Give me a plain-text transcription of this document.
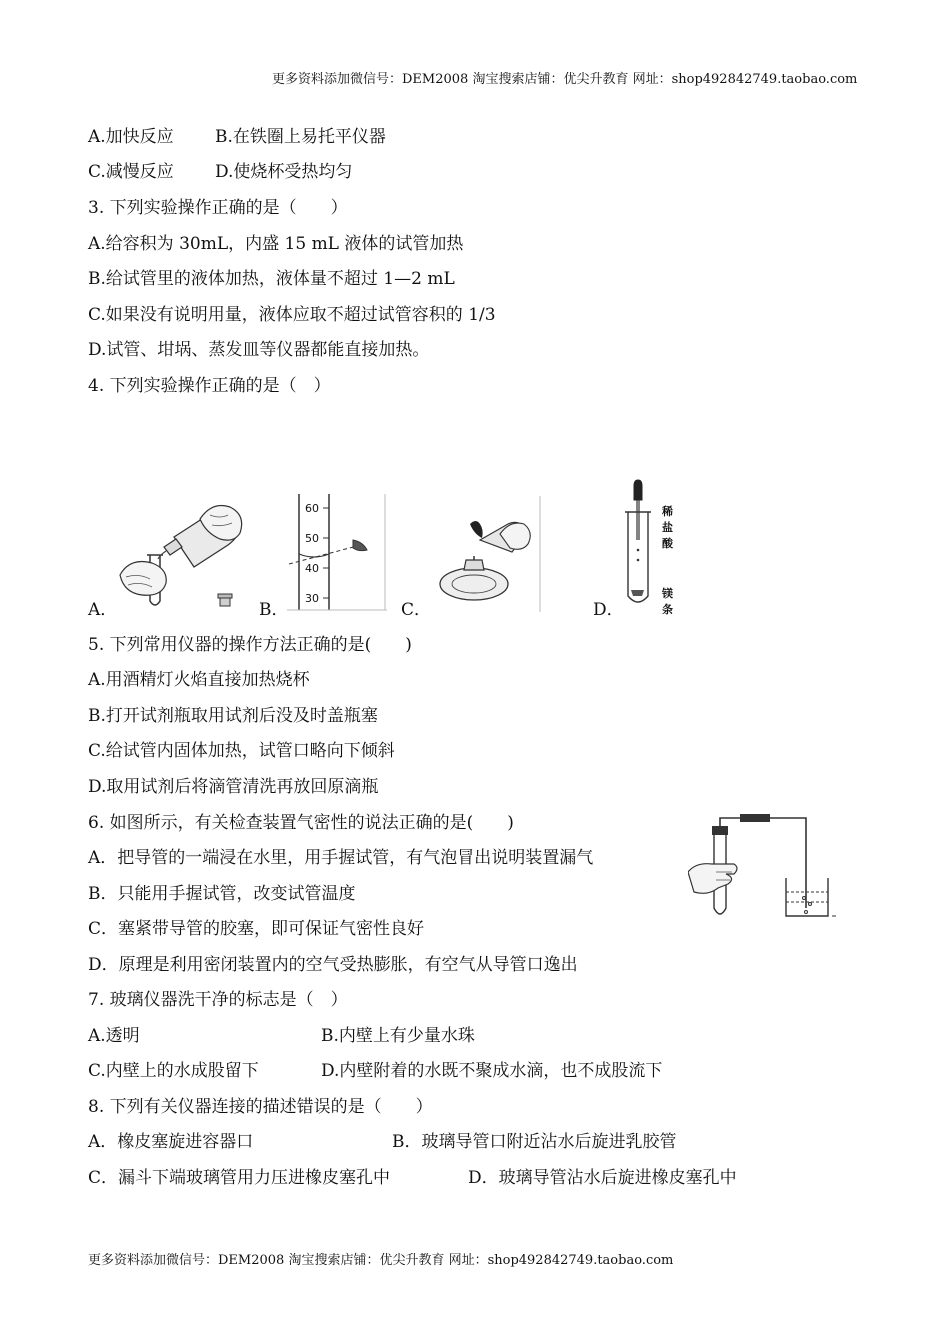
更多资料添加微信号：DEM2008 淘宝搜索店铺：优尖升教育 网址：shop492842749.taobao.com
A.加快反应 B.在铁圈上易托平仪器
C.减慢反应 D.使烧杯受热均匀
3. 下列实验操作正确的是（　　）
A.给容积为 30mL，内盛 15 mL 液体的试管加热
B.给试管里的液体加热，液体量不超过 1—2 mL
C.如果没有说明用量，液体应取不超过试管容积的 1/3
D.试管、坩埚、蒸发皿等仪器都能直接加热。
4. 下列实验操作正确的是（　）
A．	B．
60
50
40
30
C．	D．
稀盐酸
镁条
5. 下列常用仪器的操作方法正确的是(　　)
A.用酒精灯火焰直接加热烧杯
B.打开试剂瓶取用试剂后没及时盖瓶塞
C.给试管内固体加热，试管口略向下倾斜
D.取用试剂后将滴管清洗再放回原滴瓶
6. 如图所示，有关检查装置气密性的说法正确的是(　　)
A．把导管的一端浸在水里，用手握试管，有气泡冒出说明装置漏气
B．只能用手握试管，改变试管温度
C．塞紧带导管的胶塞，即可保证气密性良好
D．原理是利用密闭装置内的空气受热膨胀，有空气从导管口逸出
7. 玻璃仪器洗干净的标志是（　）
A.透明	B.内壁上有少量水珠
C.内壁上的水成股留下	D.内壁附着的水既不聚成水滴，也不成股流下
8. 下列有关仪器连接的描述错误的是（　　）
A．橡皮塞旋进容器口	B．玻璃导管口附近沾水后旋进乳胶管
C．漏斗下端玻璃管用力压进橡皮塞孔中	D．玻璃导管沾水后旋进橡皮塞孔中
更多资料添加微信号：DEM2008 淘宝搜索店铺：优尖升教育 网址：shop492842749.taobao.com
